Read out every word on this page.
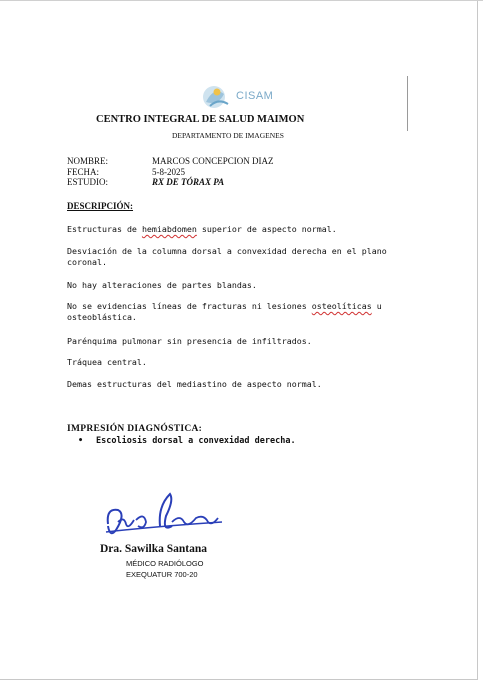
CISAM
CENTRO INTEGRAL DE SALUD MAIMON
DEPARTAMENTO DE IMAGENES
NOMBRE:	MARCOS CONCEPCION DIAZ
FECHA:	5-8-2025
ESTUDIO:	RX DE TÓRAX PA
DESCRIPCIÓN:
Estructuras de hemiabdomen superior de aspecto normal.
Desviación de la columna dorsal a convexidad derecha en el plano coronal.
No hay alteraciones de partes blandas.
No se evidencias líneas de fracturas ni lesiones osteolíticas u osteoblástica.
Parénquima pulmonar sin presencia de infiltrados.
Tráquea central.
Demas estructuras del mediastino de aspecto normal.
IMPRESIÓN DIAGNÓSTICA:
• Escoliosis dorsal a convexidad derecha.
Dra. Sawilka Santana
MÉDICO RADIÓLOGO
EXEQUATUR 700-20
